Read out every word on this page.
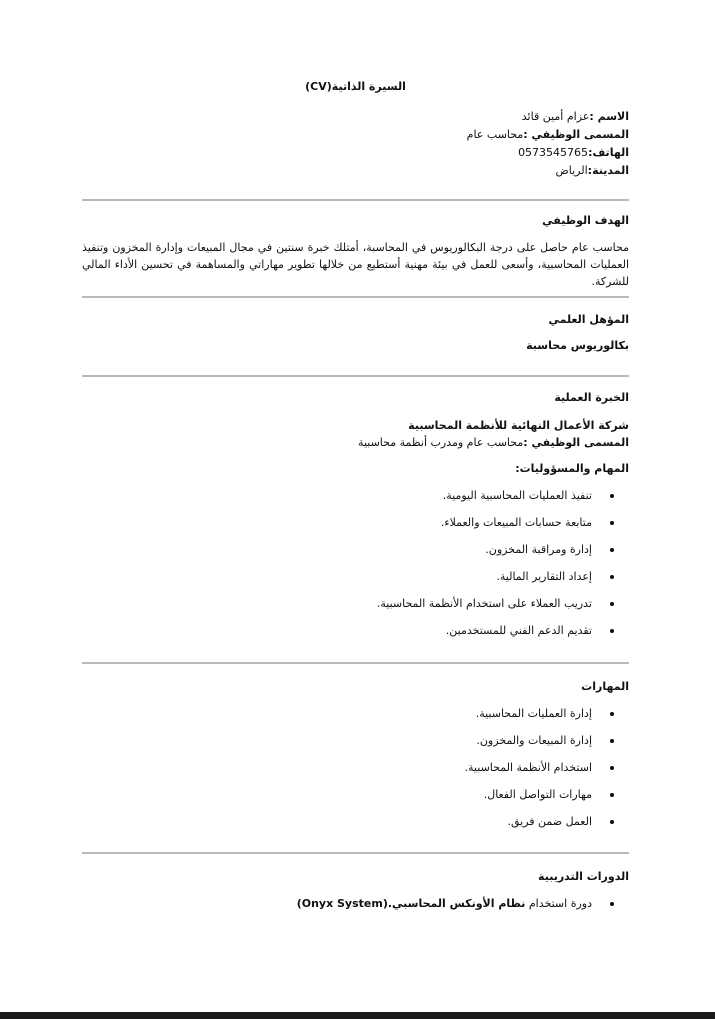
السيرة الذاتية(CV)
الاسم :عزام أمين قائد
المسمى الوظيفي :محاسب عام
الهاتف:0573545765
المدينة:الرياض
الهدف الوظيفي
محاسب عام حاصل على درجة البكالوريوس في المحاسبة، أمتلك خبرة سنتين في مجال المبيعات وإدارة المخزون وتنفيذ العمليات المحاسبية، وأسعى للعمل في بيئة مهنية أستطيع من خلالها تطوير مهاراتي والمساهمة في تحسين الأداء المالي للشركة.
المؤهل العلمي
بكالوريوس محاسبة
الخبرة العملية
شركة الأعمال النهائية للأنظمة المحاسبية
المسمى الوظيفي :محاسب عام ومدرب أنظمة محاسبية
المهام والمسؤوليات:
تنفيذ العمليات المحاسبية اليومية.
متابعة حسابات المبيعات والعملاء.
إدارة ومراقبة المخزون.
إعداد التقارير المالية.
تدريب العملاء على استخدام الأنظمة المحاسبية.
تقديم الدعم الفني للمستخدمين.
المهارات
إدارة العمليات المحاسبية.
إدارة المبيعات والمخزون.
استخدام الأنظمة المحاسبية.
مهارات التواصل الفعال.
العمل ضمن فريق.
الدورات التدريبية
دورة استخدام نظام الأونكس المحاسبي.(Onyx System)
